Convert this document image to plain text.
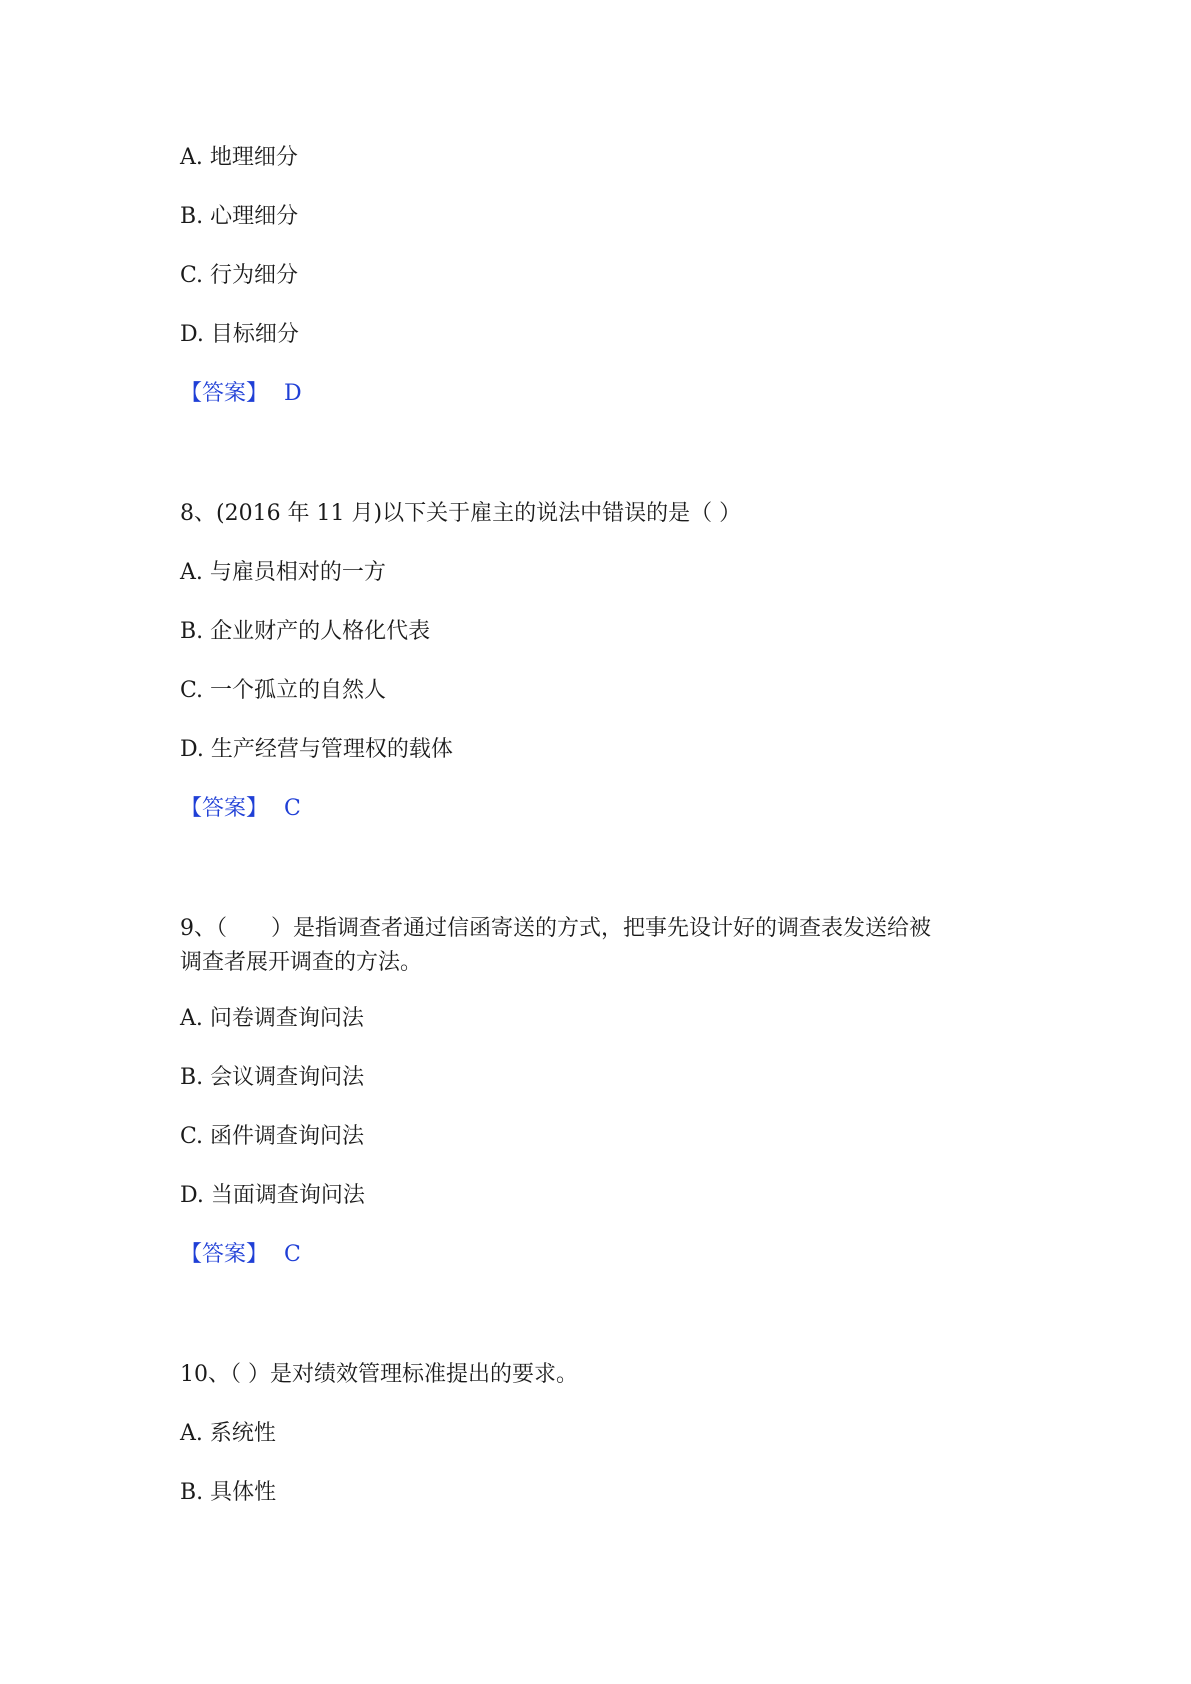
A. 地理细分
B. 心理细分
C. 行为细分
D. 目标细分
【答案】 D
8、(2016 年 11 月)以下关于雇主的说法中错误的是（ ）
A. 与雇员相对的一方
B. 企业财产的人格化代表
C. 一个孤立的自然人
D. 生产经营与管理权的载体
【答案】 C
9、（　　）是指调查者通过信函寄送的方式，把事先设计好的调查表发送给被
调查者展开调查的方法。
A. 问卷调查询问法
B. 会议调查询问法
C. 函件调查询问法
D. 当面调查询问法
【答案】 C
10、（ ）是对绩效管理标准提出的要求。
A. 系统性
B. 具体性
